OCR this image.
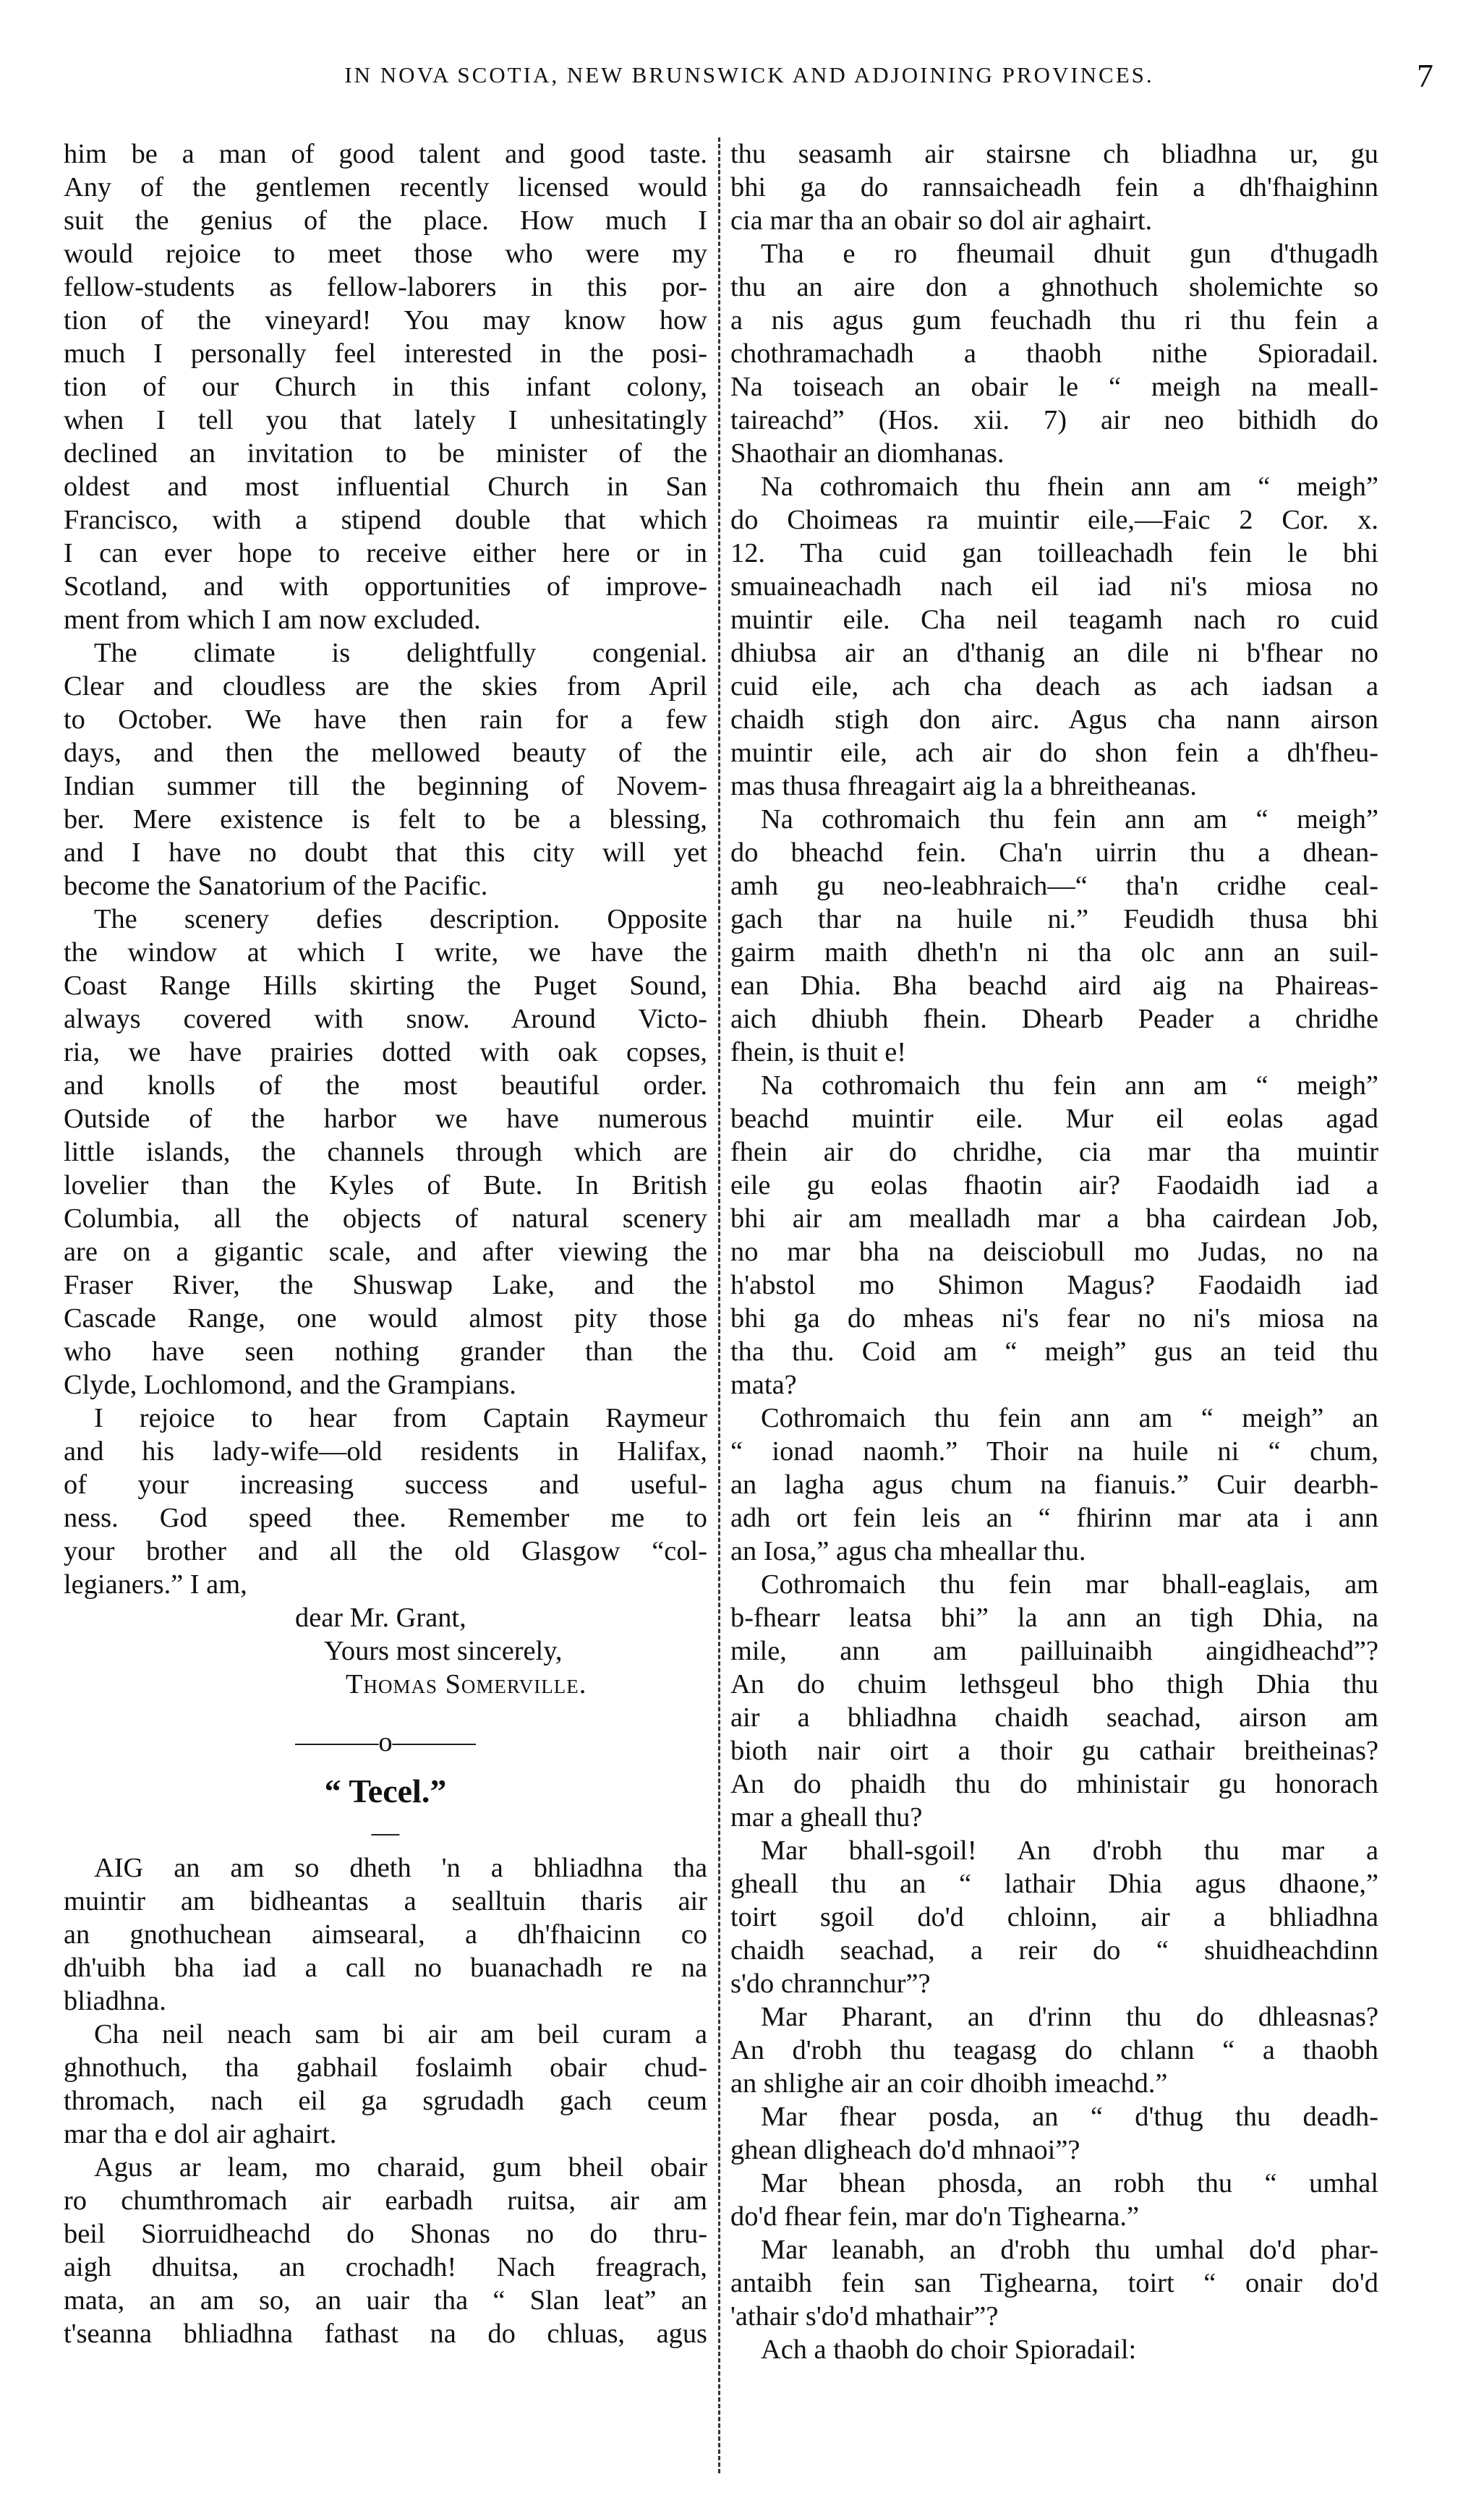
IN NOVA SCOTIA, NEW BRUNSWICK AND ADJOINING PROVINCES.	7
him be a man of good talent and good taste.
Any of the gentlemen recently licensed would
suit the genius of the place. How much I
would rejoice to meet those who were my
fellow-students as fellow-laborers in this por-
tion of the vineyard! You may know how
much I personally feel interested in the posi-
tion of our Church in this infant colony,
when I tell you that lately I unhesitatingly
declined an invitation to be minister of the
oldest and most influential Church in San
Francisco, with a stipend double that which
I can ever hope to receive either here or in
Scotland, and with opportunities of improve-
ment from which I am now excluded.
The climate is delightfully congenial.
Clear and cloudless are the skies from April
to October. We have then rain for a few
days, and then the mellowed beauty of the
Indian summer till the beginning of Novem-
ber. Mere existence is felt to be a blessing,
and I have no doubt that this city will yet
become the Sanatorium of the Pacific.
The scenery defies description. Opposite
the window at which I write, we have the
Coast Range Hills skirting the Puget Sound,
always covered with snow. Around Victo-
ria, we have prairies dotted with oak copses,
and knolls of the most beautiful order.
Outside of the harbor we have numerous
little islands, the channels through which are
lovelier than the Kyles of Bute. In British
Columbia, all the objects of natural scenery
are on a gigantic scale, and after viewing the
Fraser River, the Shuswap Lake, and the
Cascade Range, one would almost pity those
who have seen nothing grander than the
Clyde, Lochlomond, and the Grampians.
I rejoice to hear from Captain Raymeur
and his lady-wife—old residents in Halifax,
of your increasing success and useful-
ness. God speed thee. Remember me to
your brother and all the old Glasgow “col-
legianers.” I am,
dear Mr. Grant,
Yours most sincerely,
Thomas Somerville.
———o———
“ Tecel.”
—
AIG an am so dheth 'n a bhliadhna tha
muintir am bidheantas a sealltuin tharis air
an gnothuchean aimsearal, a dh'fhaicinn co
dh'uibh bha iad a call no buanachadh re na
bliadhna.
Cha neil neach sam bi air am beil curam a
ghnothuch, tha gabhail foslaimh obair chud-
thromach, nach eil ga sgrudadh gach ceum
mar tha e dol air aghairt.
Agus ar leam, mo charaid, gum bheil obair
ro chumthromach air earbadh ruitsa, air am
beil Siorruidheachd do Shonas no do thru-
aigh dhuitsa, an crochadh! Nach freagrach,
mata, an am so, an uair tha “ Slan leat” an
t'seanna bhliadhna fathast na do chluas, agus
thu seasamh air stairsne ch bliadhna ur, gu
bhi ga do rannsaicheadh fein a dh'fhaighinn
cia mar tha an obair so dol air aghairt.
Tha e ro fheumail dhuit gun d'thugadh
thu an aire don a ghnothuch sholemichte so
a nis agus gum feuchadh thu ri thu fein a
chothramachadh a thaobh nithe Spioradail.
Na toiseach an obair le “ meigh na meall-
taireachd” (Hos. xii. 7) air neo bithidh do
Shaothair an diomhanas.
Na cothromaich thu fhein ann am “ meigh”
do Choimeas ra muintir eile,—Faic 2 Cor. x.
12. Tha cuid gan toilleachadh fein le bhi
smuaineachadh nach eil iad ni's miosa no
muintir eile. Cha neil teagamh nach ro cuid
dhiubsa air an d'thanig an dile ni b'fhear no
cuid eile, ach cha deach as ach iadsan a
chaidh stigh don airc. Agus cha nann airson
muintir eile, ach air do shon fein a dh'fheu-
mas thusa fhreagairt aig la a bhreitheanas.
Na cothromaich thu fein ann am “ meigh”
do bheachd fein. Cha'n uirrin thu a dhean-
amh gu neo-leabhraich—“ tha'n cridhe ceal-
gach thar na huile ni.” Feudidh thusa bhi
gairm maith dheth'n ni tha olc ann an suil-
ean Dhia. Bha beachd aird aig na Phaireas-
aich dhiubh fhein. Dhearb Peader a chridhe
fhein, is thuit e!
Na cothromaich thu fein ann am “ meigh”
beachd muintir eile. Mur eil eolas agad
fhein air do chridhe, cia mar tha muintir
eile gu eolas fhaotin air? Faodaidh iad a
bhi air am mealladh mar a bha cairdean Job,
no mar bha na deisciobull mo Judas, no na
h'abstol mo Shimon Magus? Faodaidh iad
bhi ga do mheas ni's fear no ni's miosa na
tha thu. Coid am “ meigh” gus an teid thu
mata?
Cothromaich thu fein ann am “ meigh” an
“ ionad naomh.” Thoir na huile ni “ chum,
an lagha agus chum na fianuis.” Cuir dearbh-
adh ort fein leis an “ fhirinn mar ata i ann
an Iosa,” agus cha mheallar thu.
Cothromaich thu fein mar bhall-eaglais, am
b-fhearr leatsa bhi” la ann an tigh Dhia, na
mile, ann am pailluinaibh aingidheachd”?
An do chuim lethsgeul bho thigh Dhia thu
air a bhliadhna chaidh seachad, airson am
bioth nair oirt a thoir gu cathair breitheinas?
An do phaidh thu do mhinistair gu honorach
mar a gheall thu?
Mar bhall-sgoil! An d'robh thu mar a
gheall thu an “ lathair Dhia agus dhaone,”
toirt sgoil do'd chloinn, air a bhliadhna
chaidh seachad, a reir do “ shuidheachdinn
s'do chrannchur”?
Mar Pharant, an d'rinn thu do dhleasnas?
An d'robh thu teagasg do chlann “ a thaobh
an shlighe air an coir dhoibh imeachd.”
Mar fhear posda, an “ d'thug thu deadh-
ghean dligheach do'd mhnaoi”?
Mar bhean phosda, an robh thu “ umhal
do'd fhear fein, mar do'n Tighearna.”
Mar leanabh, an d'robh thu umhal do'd phar-
antaibh fein san Tighearna, toirt “ onair do'd
'athair s'do'd mhathair”?
Ach a thaobh do choir Spioradail:
